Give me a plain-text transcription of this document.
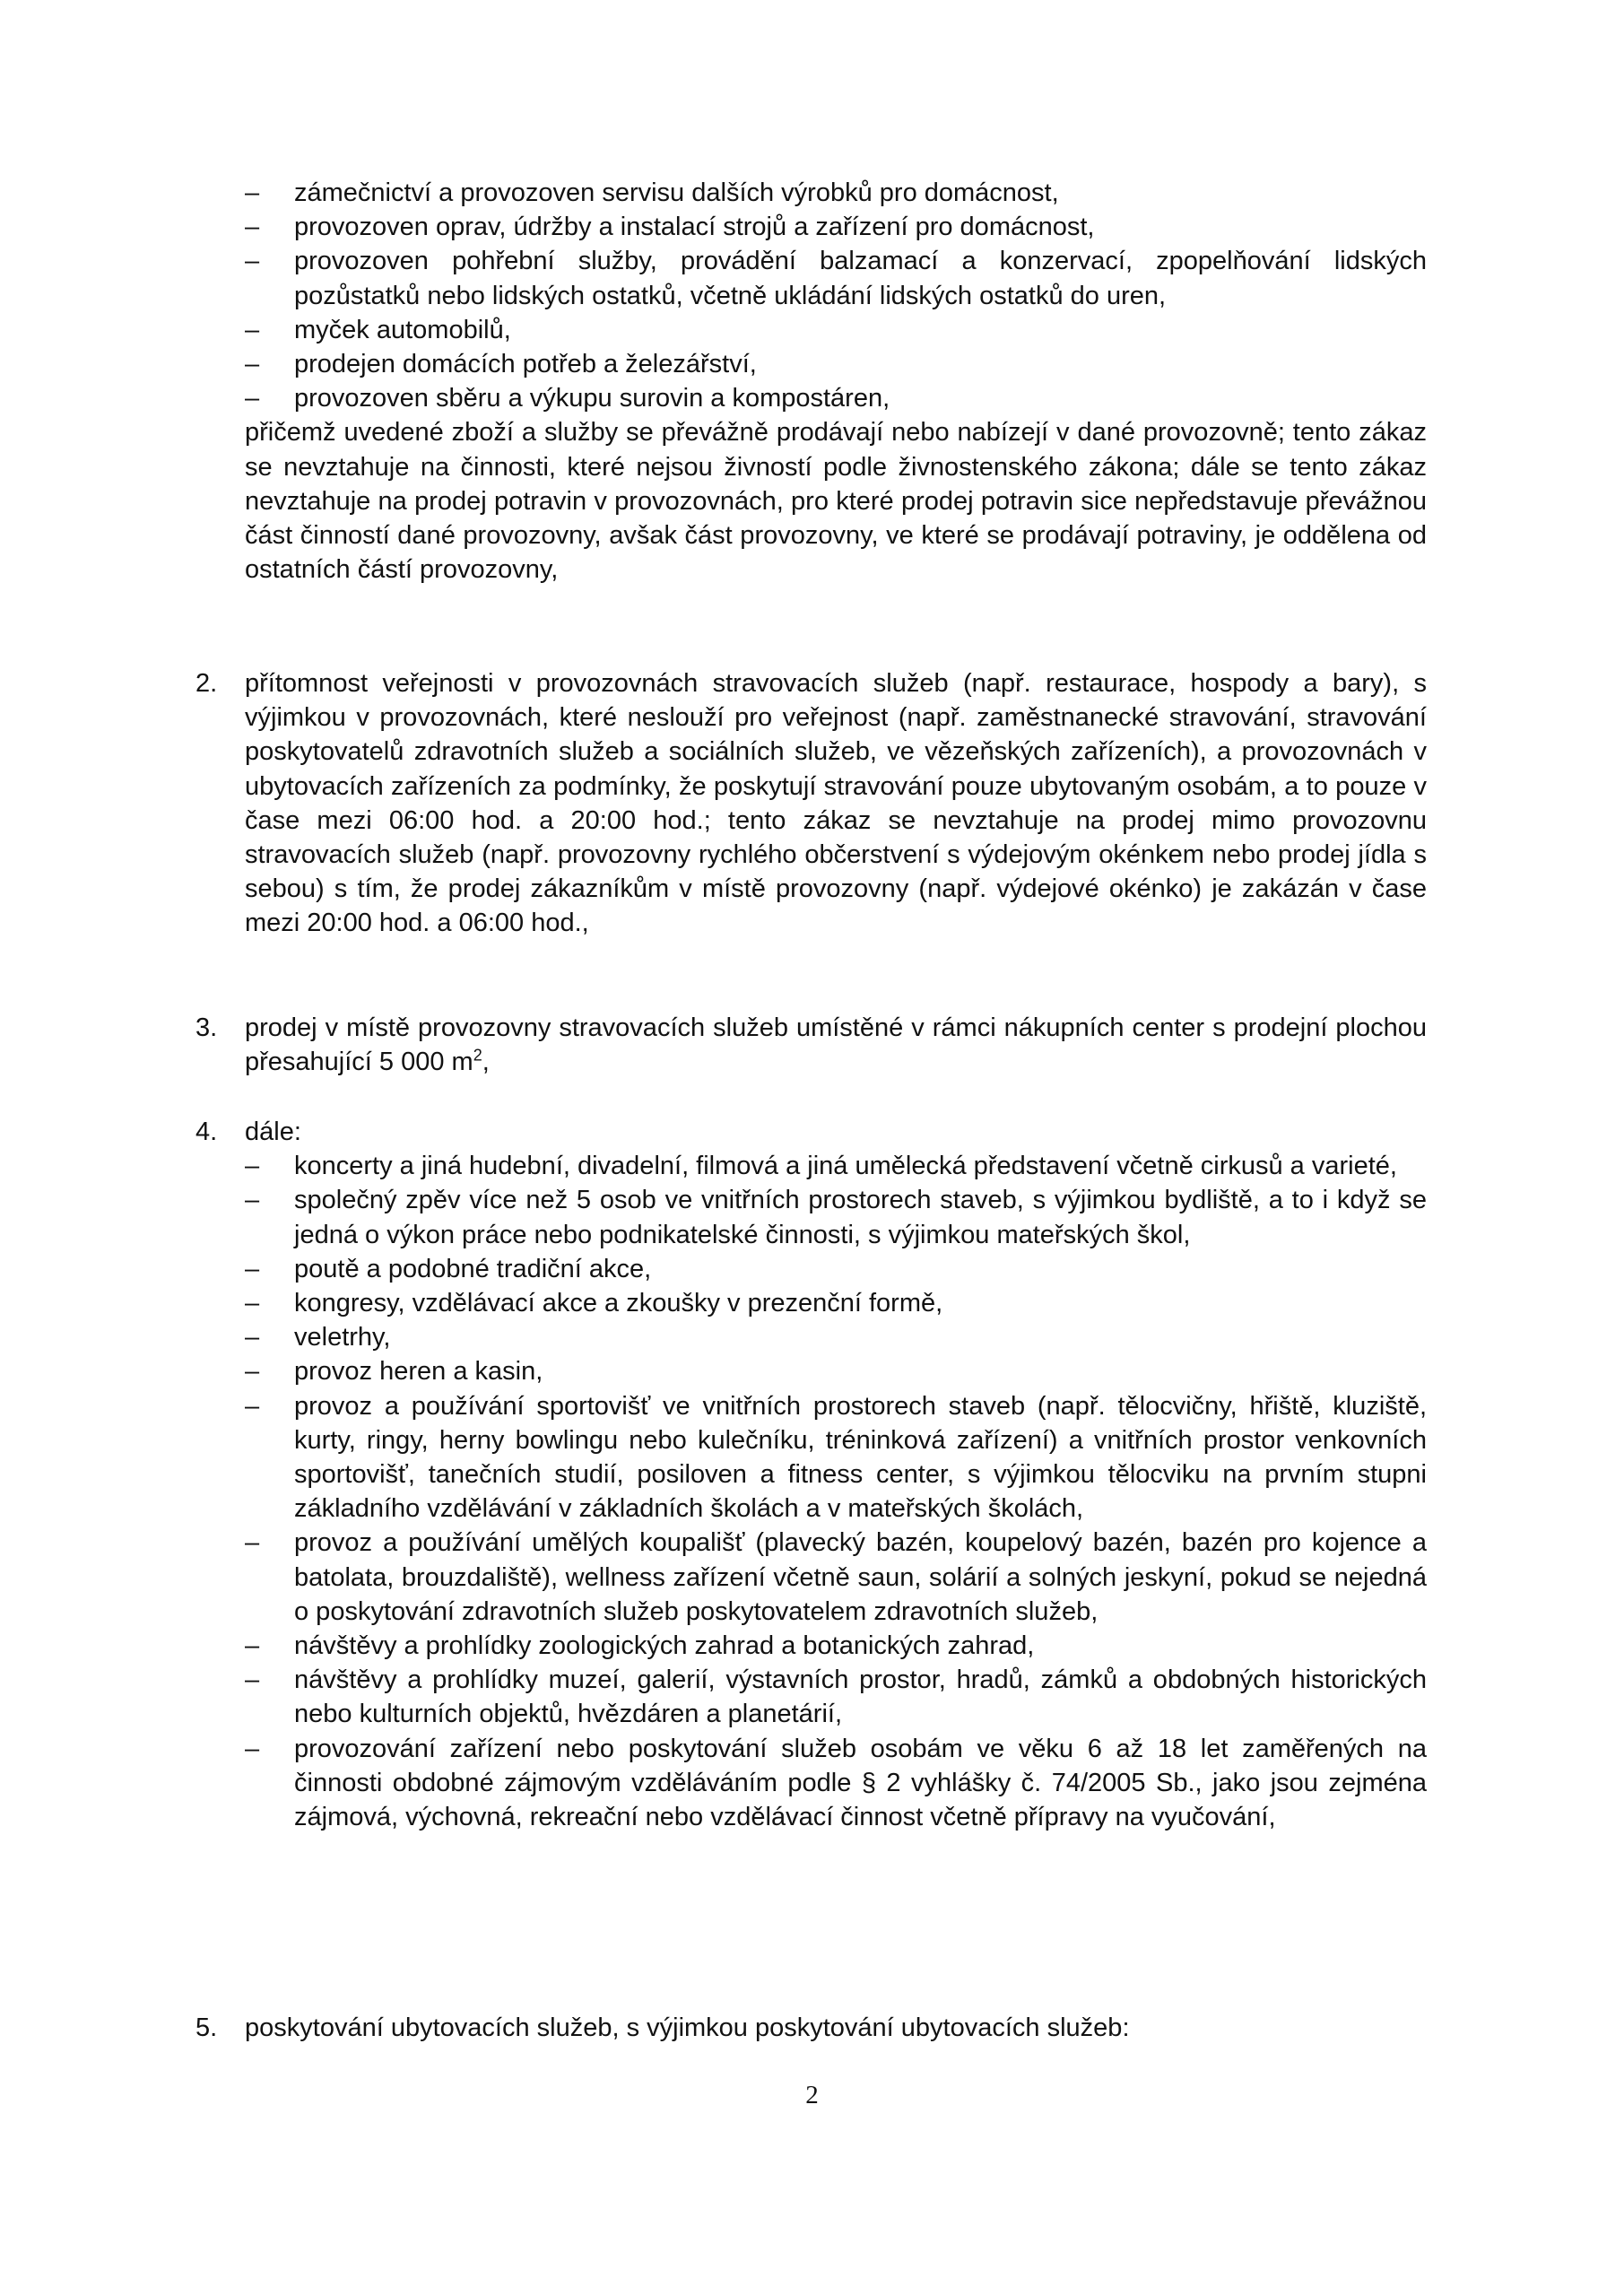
–	zámečnictví a provozoven servisu dalších výrobků pro domácnost,
–	provozoven oprav, údržby a instalací strojů a zařízení pro domácnost,
–	provozoven pohřební služby, provádění balzamací a konzervací, zpopelňování lidských pozůstatků nebo lidských ostatků, včetně ukládání lidských ostatků do uren,
–	myček automobilů,
–	prodejen domácích potřeb a železářství,
–	provozoven sběru a výkupu surovin a kompostáren,

přičemž uvedené zboží a služby se převážně prodávají nebo nabízejí v dané provozovně; tento zákaz se nevztahuje na činnosti, které nejsou živností podle živnostenského zákona; dále se tento zákaz nevztahuje na prodej potravin v provozovnách, pro které prodej potravin sice nepředstavuje převážnou část činností dané provozovny, avšak část provozovny, ve které se prodávají potraviny, je oddělena od ostatních částí provozovny,

2. přítomnost veřejnosti v provozovnách stravovacích služeb (např. restaurace, hospody a bary), s výjimkou v provozovnách, které neslouží pro veřejnost (např. zaměstnanecké stravování, stravování poskytovatelů zdravotních služeb a sociálních služeb, ve vězeňských zařízeních), a provozovnách v ubytovacích zařízeních za podmínky, že poskytují stravování pouze ubytovaným osobám, a to pouze v čase mezi 06:00 hod. a 20:00 hod.; tento zákaz se nevztahuje na prodej mimo provozovnu stravovacích služeb (např. provozovny rychlého občerstvení s výdejovým okénkem nebo prodej jídla s sebou) s tím, že prodej zákazníkům v místě provozovny (např. výdejové okénko) je zakázán v čase mezi 20:00 hod. a 06:00 hod.,

3. prodej v místě provozovny stravovacích služeb umístěné v rámci nákupních center s prodejní plochou přesahující 5 000 $m^2$,

4. dále:

–	koncerty a jiná hudební, divadelní, filmová a jiná umělecká představení včetně cirkusů a varieté,
–	společný zpěv více než 5 osob ve vnitřních prostorech staveb, s výjimkou bydliště, a to i když se jedná o výkon práce nebo podnikatelské činnosti, s výjimkou mateřských škol,
–	poutě a podobné tradiční akce,
–	kongresy, vzdělávací akce a zkoušky v prezenční formě,
–	veletrhy,
–	provoz heren a kasin,
–	provoz a používání sportovišť ve vnitřních prostorech staveb (např. tělocvičny, hřiště, kluziště, kurty, ringy, herny bowlingu nebo kulečníku, tréninková zařízení) a vnitřních prostor venkovních sportovišť, tanečních studií, posiloven a fitness center, s výjimkou tělocviku na prvním stupni základního vzdělávání v základních školách a v mateřských školách,
–	provoz a používání umělých koupališť (plavecký bazén, koupelový bazén, bazén pro kojence a batolata, brouzdaliště), wellness zařízení včetně saun, solárií a solných jeskyní, pokud se nejedná o poskytování zdravotních služeb poskytovatelem zdravotních služeb,
–	návštěvy a prohlídky zoologických zahrad a botanických zahrad,
–	návštěvy a prohlídky muzeí, galerií, výstavních prostor, hradů, zámků a obdobných historických nebo kulturních objektů, hvězdáren a planetárií,
–	provozování zařízení nebo poskytování služeb osobám ve věku 6 až 18 let zaměřených na činnosti obdobné zájmovým vzděláváním podle § 2 vyhlášky č. 74/2005 Sb., jako jsou zejména zájmová, výchovná, rekreační nebo vzdělávací činnost včetně přípravy na vyučování,
5. poskytování ubytovacích služeb, s výjimkou poskytování ubytovacích služeb:

2
